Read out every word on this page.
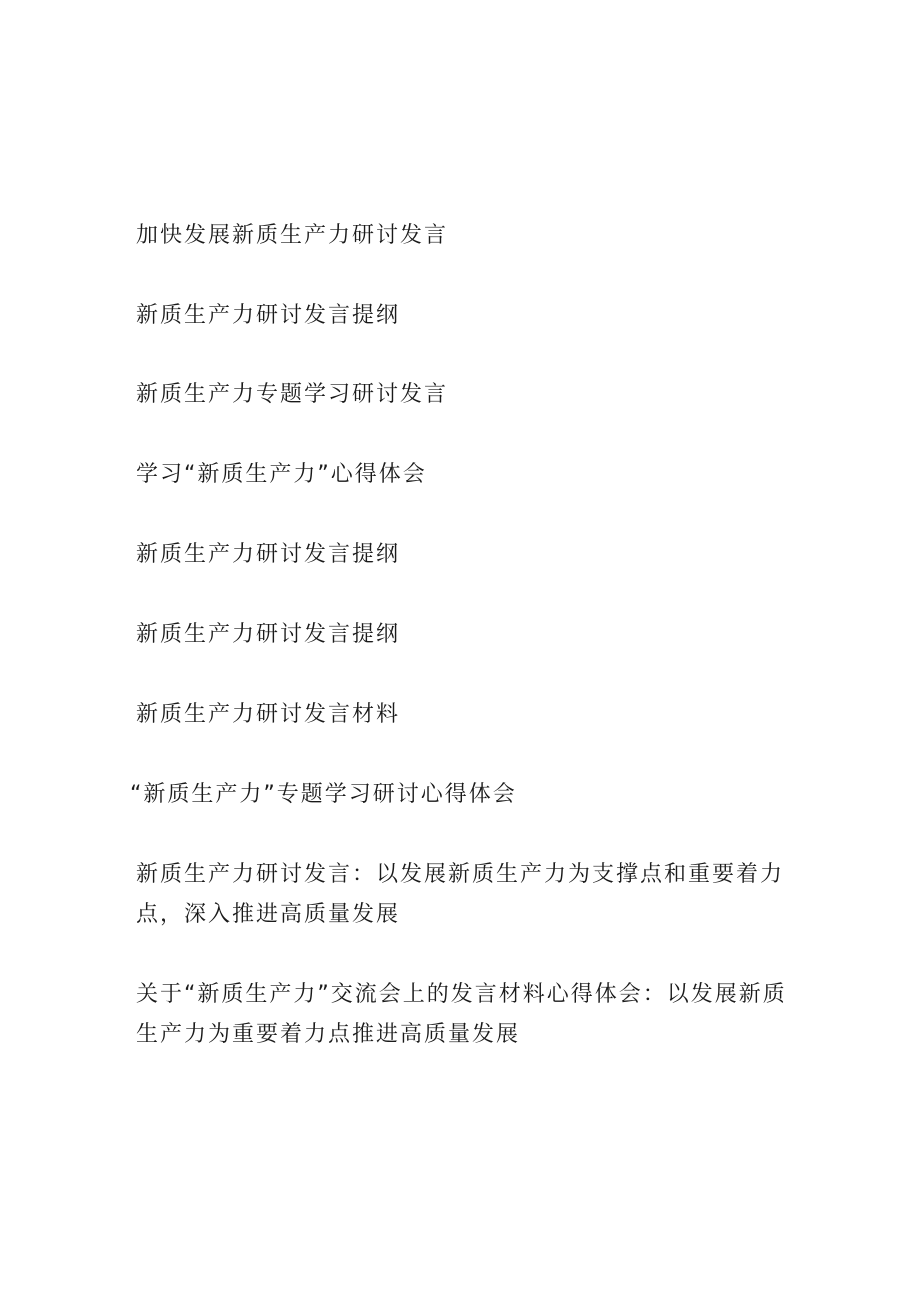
加快发展新质生产力研讨发言
新质生产力研讨发言提纲
新质生产力专题学习研讨发言
学习“新质生产力”心得体会
新质生产力研讨发言提纲
新质生产力研讨发言提纲
新质生产力研讨发言材料
“新质生产力”专题学习研讨心得体会
新质生产力研讨发言：以发展新质生产力为支撑点和重要着力点，深入推进高质量发展
关于“新质生产力”交流会上的发言材料心得体会：以发展新质生产力为重要着力点推进高质量发展
